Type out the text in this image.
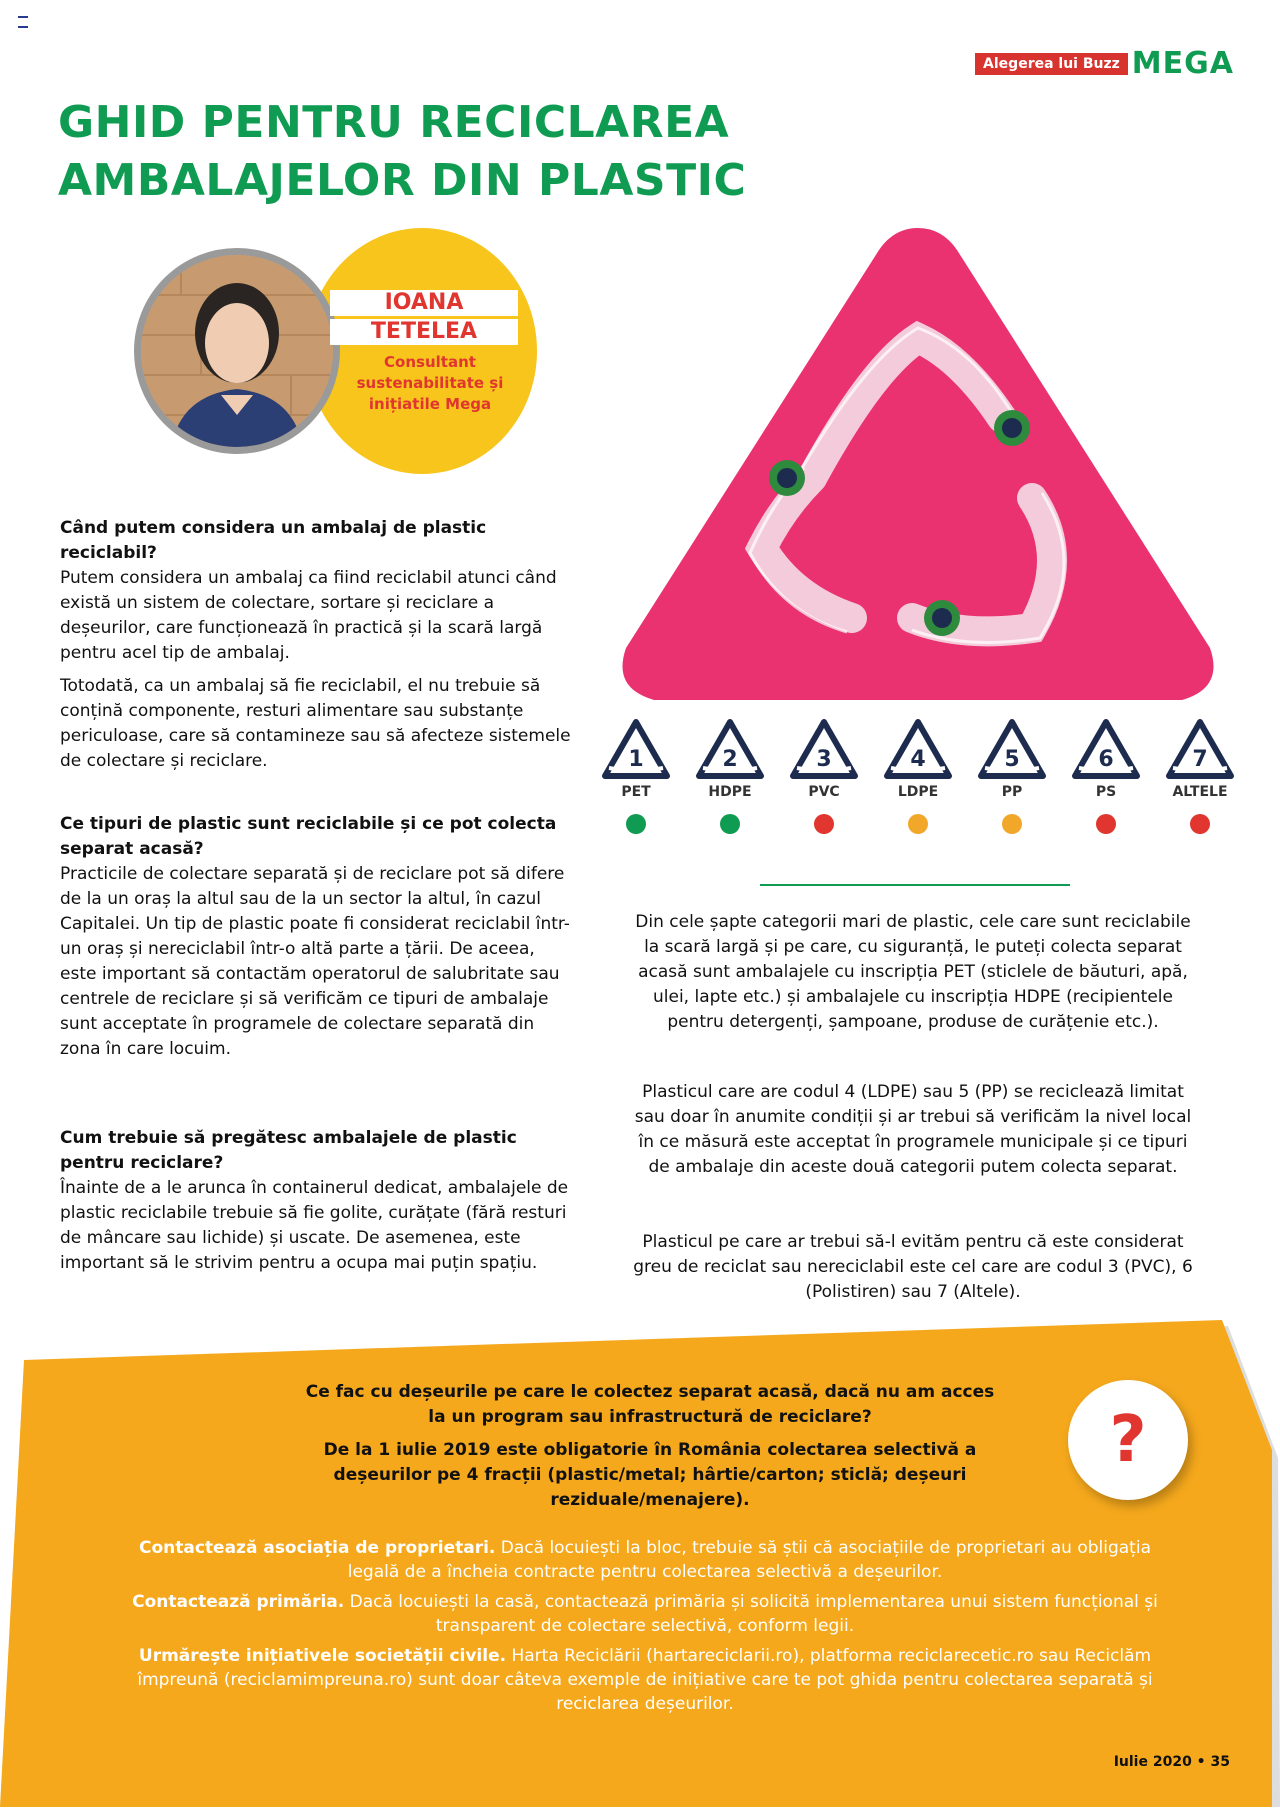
Alegerea lui Buzz MEGA
GHID PENTRU RECICLAREA
AMBALAJELOR DIN PLASTIC
IOANA
TETELEA
Consultant sustenabilitate și inițiatile Mega
Când putem considera un ambalaj de plastic reciclabil?

Putem considera un ambalaj ca fiind reciclabil atunci când există un sistem de colectare, sortare și reciclare a deșeurilor, care funcționează în practică și la scară largă pentru acel tip de ambalaj.

Totodată, ca un ambalaj să fie reciclabil, el nu trebuie să conțină componente, resturi alimentare sau substanțe periculoase, care să contamineze sau să afecteze sistemele de colectare și reciclare.

Ce tipuri de plastic sunt reciclabile și ce pot colecta separat acasă?

Practicile de colectare separată și de reciclare pot să difere de la un oraș la altul sau de la un sector la altul, în cazul Capitalei. Un tip de plastic poate fi considerat reciclabil într-un oraș și nereciclabil într-o altă parte a țării. De aceea, este important să contactăm operatorul de salubritate sau centrele de reciclare și să verificăm ce tipuri de ambalaje sunt acceptate în programele de colectare separată din zona în care locuim.

Cum trebuie să pregătesc ambalajele de plastic pentru reciclare?

Înainte de a le arunca în containerul dedicat, ambalajele de plastic reciclabile trebuie să fie golite, curățate (fără resturi de mâncare sau lichide) și uscate. De asemenea, este important să le strivim pentru a ocupa mai puțin spațiu.

1
PET
2
HDPE
3
PVC
4
LDPE
5
PP
6
PS
7
ALTELE

Din cele șapte categorii mari de plastic, cele care sunt reciclabile la scară largă și pe care, cu siguranță, le puteți colecta separat acasă sunt ambalajele cu inscripția PET (sticlele de băuturi, apă, ulei, lapte etc.) și ambalajele cu inscripția HDPE (recipientele pentru detergenți, șampoane, produse de curățenie etc.).

Plasticul care are codul 4 (LDPE) sau 5 (PP) se reciclează limitat sau doar în anumite condiții și ar trebui să verificăm la nivel local în ce măsură este acceptat în programele municipale și ce tipuri de ambalaje din aceste două categorii putem colecta separat.

Plasticul pe care ar trebui să-l evităm pentru că este considerat greu de reciclat sau nereciclabil este cel care are codul 3 (PVC), 6 (Polistiren) sau 7 (Altele).

Ce fac cu deșeurile pe care le colectez separat acasă, dacă nu am acces la un program sau infrastructură de reciclare?
De la 1 iulie 2019 este obligatorie în România colectarea selectivă a deșeurilor pe 4 fracții (plastic/metal; hârtie/carton; sticlă; deșeuri reziduale/menajere).
?

Contactează asociația de proprietari. Dacă locuiești la bloc, trebuie să știi că asociațiile de proprietari au obligația legală de a încheia contracte pentru colectarea selectivă a deșeurilor.

Contactează primăria. Dacă locuiești la casă, contactează primăria și solicită implementarea unui sistem funcțional și transparent de colectare selectivă, conform legii.

Urmărește inițiativele societății civile. Harta Reciclării (hartareciclarii.ro), platforma reciclarecetic.ro sau Reciclăm împreună (reciclamimpreuna.ro) sunt doar câteva exemple de inițiative care te pot ghida pentru colectarea separată și reciclarea deșeurilor.

Iulie 2020 • 35
